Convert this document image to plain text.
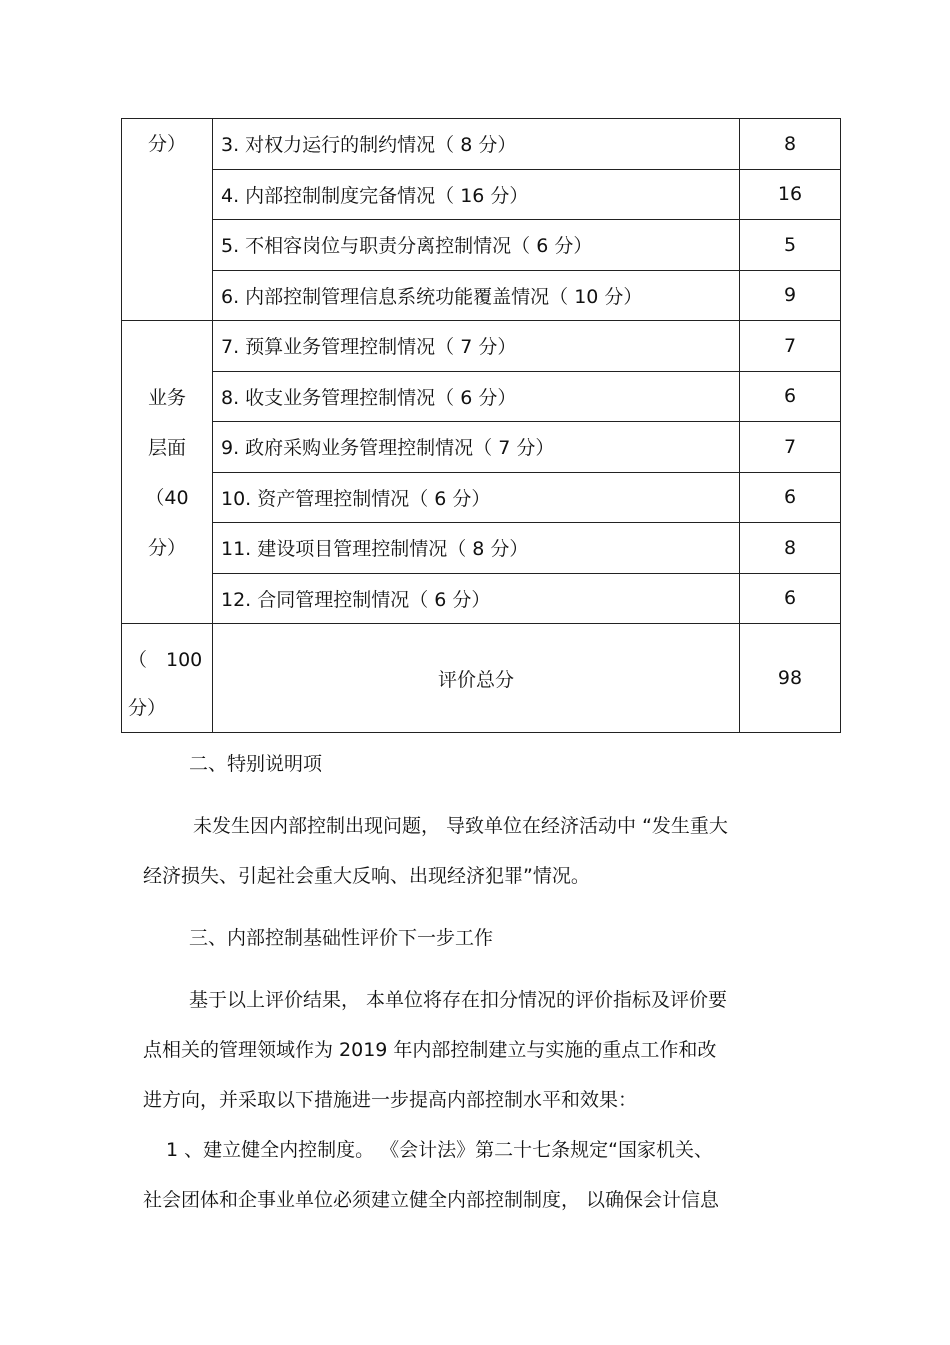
分）	3. 对权力运行的制约情况（ 8 分）	8
	4. 内部控制制度完备情况（ 16 分）	16
	5. 不相容岗位与职责分离控制情况（ 6 分）	5
	6. 内部控制管理信息系统功能覆盖情况（ 10 分）	9

业务
层面
（40
分）	7. 预算业务管理控制情况（ 7 分）	7
	8. 收支业务管理控制情况（ 6 分）	6
	9. 政府采购业务管理控制情况（ 7 分）	7
	10. 资产管理控制情况（ 6 分）	6
	11. 建设项目管理控制情况（ 8 分）	8
	12. 合同管理控制情况（ 6 分）	6

（　100
分）	评价总分	98
二、特别说明项
未发生因内部控制出现问题， 导致单位在经济活动中 “发生重大
经济损失、引起社会重大反响、出现经济犯罪”情况。
三、内部控制基础性评价下一步工作
基于以上评价结果， 本单位将存在扣分情况的评价指标及评价要
点相关的管理领域作为 2019 年内部控制建立与实施的重点工作和改
进方向，并采取以下措施进一步提高内部控制水平和效果：
1 、建立健全内控制度。 《会计法》第二十七条规定“国家机关、
社会团体和企事业单位必须建立健全内部控制制度， 以确保会计信息
